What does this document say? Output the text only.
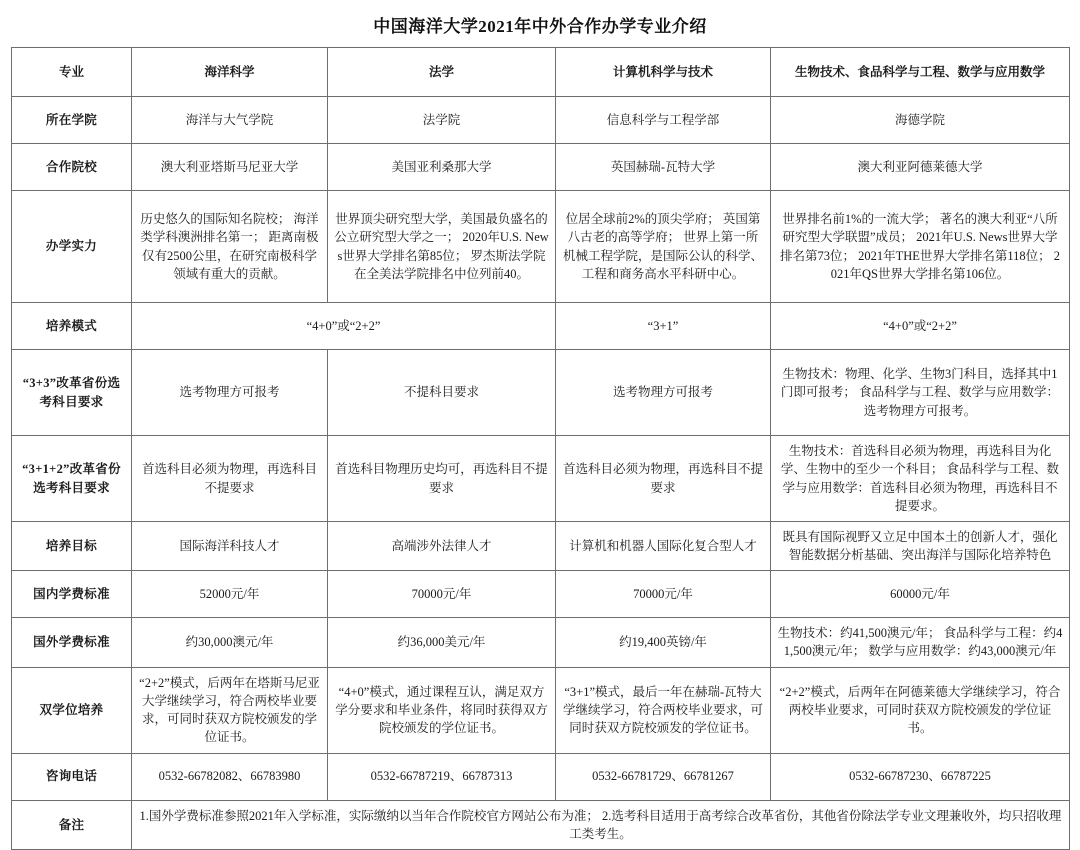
中国海洋大学2021年中外合作办学专业介绍
专业	海洋科学	法学	计算机科学与技术	生物技术、食品科学与工程、数学与应用数学
所在学院	海洋与大气学院	法学院	信息科学与工程学部	海德学院
合作院校	澳大利亚塔斯马尼亚大学	美国亚利桑那大学	英国赫瑞-瓦特大学	澳大利亚阿德莱德大学
办学实力	历史悠久的国际知名院校； 海洋类学科澳洲排名第一； 距离南极仅有2500公里，在研究南极科学领域有重大的贡献。	世界顶尖研究型大学，美国最负盛名的公立研究型大学之一； 2020年U.S. News世界大学排名第85位； 罗杰斯法学院在全美法学院排名中位列前40。	位居全球前2%的顶尖学府； 英国第八古老的高等学府； 世界上第一所机械工程学院，是国际公认的科学、工程和商务高水平科研中心。	世界排名前1%的一流大学； 著名的澳大利亚“八所研究型大学联盟”成员； 2021年U.S. News世界大学排名第73位； 2021年THE世界大学排名第118位； 2021年QS世界大学排名第106位。
培养模式	“4+0”或“2+2”		“3+1”	“4+0”或“2+2”
“3+3”改革省份选考科目要求	选考物理方可报考	不提科目要求	选考物理方可报考	生物技术：物理、化学、生物3门科目，选择其中1门即可报考； 食品科学与工程、数学与应用数学：选考物理方可报考。
“3+1+2”改革省份选考科目要求	首选科目必须为物理，再选科目不提要求	首选科目物理历史均可，再选科目不提要求	首选科目必须为物理，再选科目不提要求	生物技术：首选科目必须为物理，再选科目为化学、生物中的至少一个科目； 食品科学与工程、数学与应用数学：首选科目必须为物理，再选科目不提要求。
培养目标	国际海洋科技人才	高端涉外法律人才	计算机和机器人国际化复合型人才	既具有国际视野又立足中国本土的创新人才，强化智能数据分析基础、突出海洋与国际化培养特色
国内学费标准	52000元/年	70000元/年	70000元/年	60000元/年
国外学费标准	约30,000澳元/年	约36,000美元/年	约19,400英镑/年	生物技术：约41,500澳元/年； 食品科学与工程：约41,500澳元/年； 数学与应用数学：约43,000澳元/年
双学位培养	“2+2”模式，后两年在塔斯马尼亚大学继续学习，符合两校毕业要求，可同时获双方院校颁发的学位证书。	“4+0”模式，通过课程互认，满足双方学分要求和毕业条件，将同时获得双方院校颁发的学位证书。	“3+1”模式，最后一年在赫瑞-瓦特大学继续学习，符合两校毕业要求，可同时获双方院校颁发的学位证书。	“2+2”模式，后两年在阿德莱德大学继续学习，符合两校毕业要求，可同时获双方院校颁发的学位证书。
咨询电话	0532-66782082、66783980	0532-66787219、66787313	0532-66781729、66781267	0532-66787230、66787225
备注	1.国外学费标准参照2021年入学标准，实际缴纳以当年合作院校官方网站公布为准； 2.选考科目适用于高考综合改革省份，其他省份除法学专业文理兼收外，均只招收理工类考生。			
